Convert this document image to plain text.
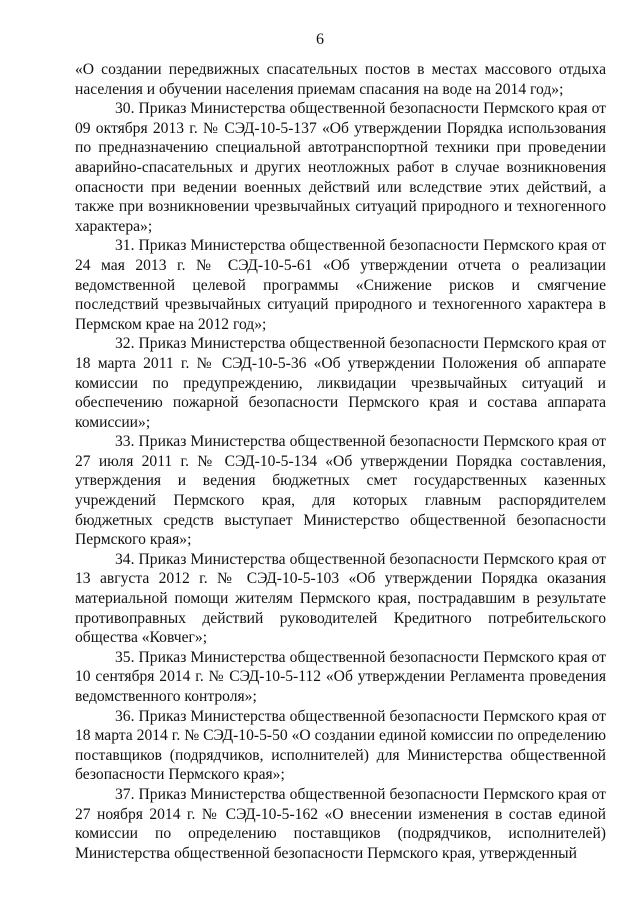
6

«О создании передвижных спасательных постов в местах массового отдыха населения и обучении населения приемам спасания на воде на 2014 год»;

30. Приказ Министерства общественной безопасности Пермского края от 09 октября 2013 г. № СЭД-10-5-137 «Об утверждении Порядка использования по предназначению специальной автотранспортной техники при проведении аварийно-спасательных и других неотложных работ в случае возникновения опасности при ведении военных действий или вследствие этих действий, а также при возникновении чрезвычайных ситуаций природного и техногенного характера»;

31. Приказ Министерства общественной безопасности Пермского края от 24 мая 2013 г. № СЭД-10-5-61 «Об утверждении отчета о реализации ведомственной целевой программы «Снижение рисков и смягчение последствий чрезвычайных ситуаций природного и техногенного характера в Пермском крае на 2012 год»;

32. Приказ Министерства общественной безопасности Пермского края от 18 марта 2011 г. № СЭД-10-5-36 «Об утверждении Положения об аппарате комиссии по предупреждению, ликвидации чрезвычайных ситуаций и обеспечению пожарной безопасности Пермского края и состава аппарата комиссии»;

33. Приказ Министерства общественной безопасности Пермского края от 27 июля 2011 г. № СЭД-10-5-134 «Об утверждении Порядка составления, утверждения и ведения бюджетных смет государственных казенных учреждений Пермского края, для которых главным распорядителем бюджетных средств выступает Министерство общественной безопасности Пермского края»;

34. Приказ Министерства общественной безопасности Пермского края от 13 августа 2012 г. № СЭД-10-5-103 «Об утверждении Порядка оказания материальной помощи жителям Пермского края, пострадавшим в результате противоправных действий руководителей Кредитного потребительского общества «Ковчег»;

35. Приказ Министерства общественной безопасности Пермского края от 10 сентября 2014 г. № СЭД-10-5-112 «Об утверждении Регламента проведения ведомственного контроля»;

36. Приказ Министерства общественной безопасности Пермского края от 18 марта 2014 г. № СЭД-10-5-50 «О создании единой комиссии по определению поставщиков (подрядчиков, исполнителей) для Министерства общественной безопасности Пермского края»;

37. Приказ Министерства общественной безопасности Пермского края от 27 ноября 2014 г. № СЭД-10-5-162 «О внесении изменения в состав единой комиссии по определению поставщиков (подрядчиков, исполнителей) Министерства общественной безопасности Пермского края, утвержденный
